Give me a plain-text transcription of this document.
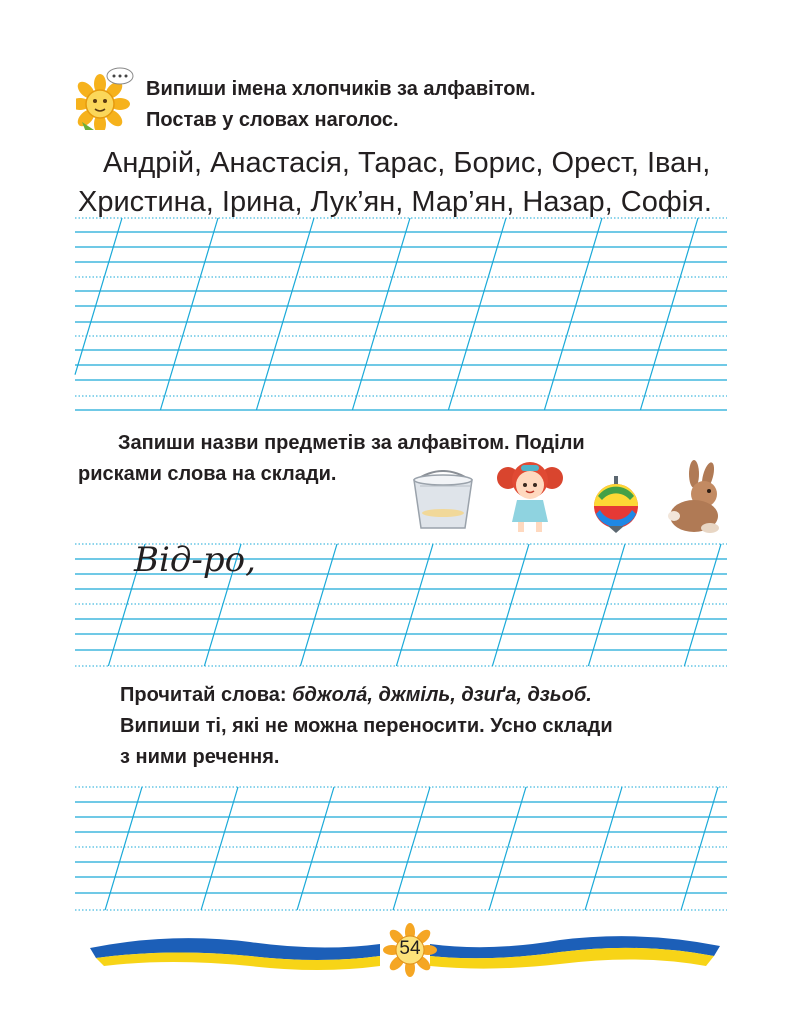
Випиши імена хлопчиків за алфавітом.
Постав у словах наголос.
Андрій, Анастасія, Тарас, Борис, Орест, Іван,
Христина, Ірина, Лук’ян, Мар’ян, Назар, Софія.
Запиши назви предметів за алфавітом. Поділи
рисками слова на склади.
Від-ро,
Прочитай слова: бджола́, джміль, дзиґа, дзьоб.
Випиши ті, які не можна переносити. Усно склади
з ними речення.
54
